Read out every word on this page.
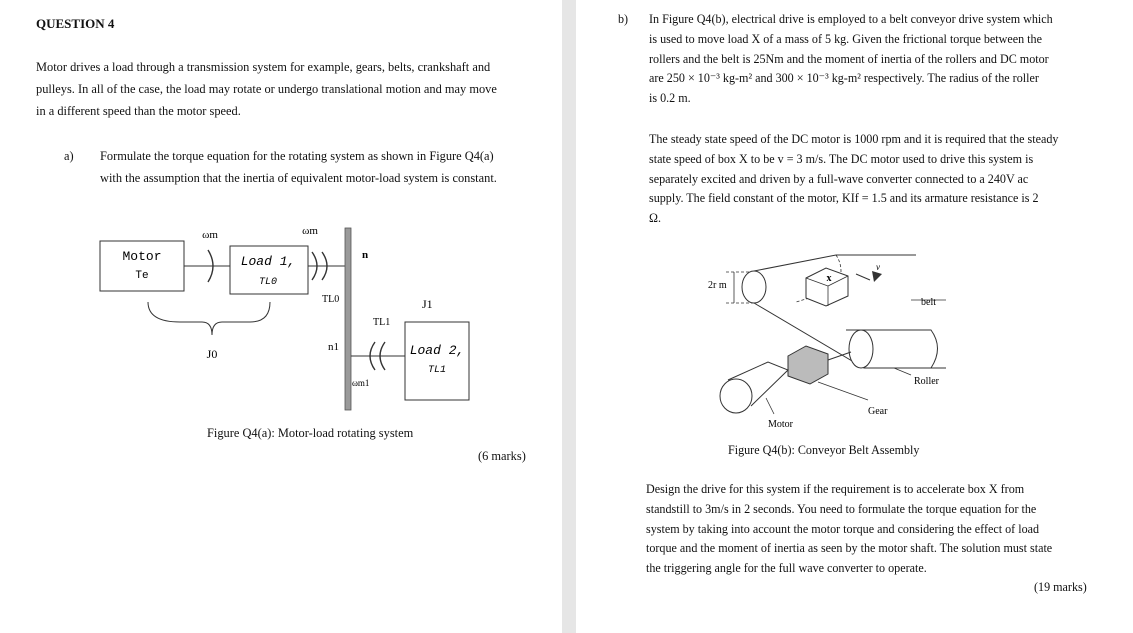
QUESTION 4
Motor drives a load through a transmission system for example, gears, belts, crankshaft and
pulleys. In all of the case, the load may rotate or undergo translational motion and may move
in a different speed than the motor speed.
a) Formulate the torque equation for the rotating system as shown in Figure Q4(a)
with the assumption that the inertia of equivalent motor-load system is constant.
Motor
Te
ωm
Load 1,
TL0
ωm
n
TL0
TL1
J1
n1	Load 2,
TL1
ωm1
J0
Figure Q4(a): Motor-load rotating system
(6 marks)
b) In Figure Q4(b), electrical drive is employed to a belt conveyor drive system which
is used to move load X of a mass of 5 kg. Given the frictional torque between the
rollers and the belt is 25Nm and the moment of inertia of the rollers and DC motor
are 250 × 10⁻³ kg-m² and 300 × 10⁻³ kg-m² respectively. The radius of the roller
is 0.2 m.
The steady state speed of the DC motor is 1000 rpm and it is required that the steady
state speed of box X to be v = 3 m/s. The DC motor used to drive this system is
separately excited and driven by a full-wave converter connected to a 240V ac
supply. The field constant of the motor, KIf = 1.5 and its armature resistance is 2
Ω.
2r m
belt
x
v
Roller
Gear
Motor
Figure Q4(b): Conveyor Belt Assembly
Design the drive for this system if the requirement is to accelerate box X from
standstill to 3m/s in 2 seconds. You need to formulate the torque equation for the
system by taking into account the motor torque and considering the effect of load
torque and the moment of inertia as seen by the motor shaft. The solution must state
the triggering angle for the full wave converter to operate.
(19 marks)
